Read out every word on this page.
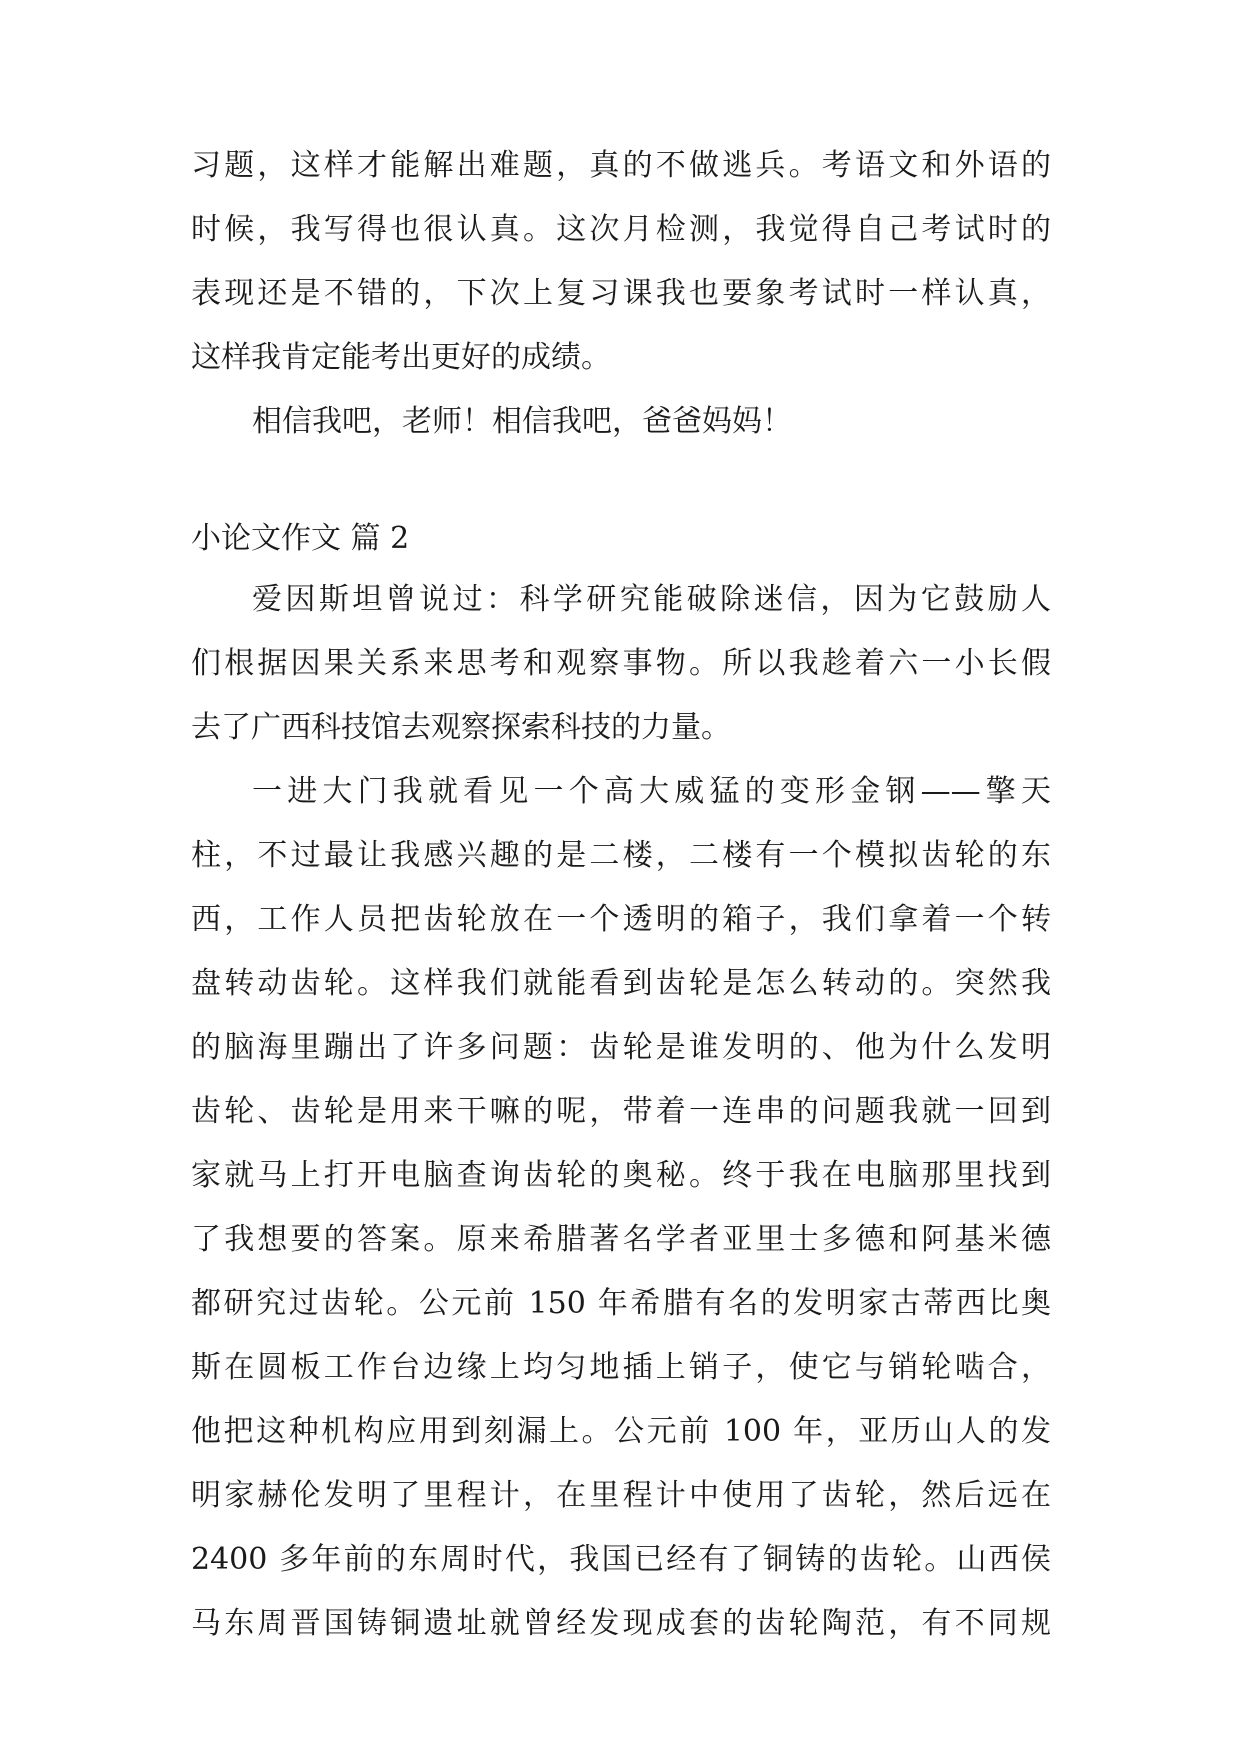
习题，这样才能解出难题，真的不做逃兵。考语文和外语的
时候，我写得也很认真。这次月检测，我觉得自己考试时的
表现还是不错的，下次上复习课我也要象考试时一样认真，
这样我肯定能考出更好的成绩。
相信我吧，老师！相信我吧，爸爸妈妈！
小论文作文 篇 2
爱因斯坦曾说过：科学研究能破除迷信，因为它鼓励人
们根据因果关系来思考和观察事物。所以我趁着六一小长假
去了广西科技馆去观察探索科技的力量。
一进大门我就看见一个高大威猛的变形金钢——擎天
柱，不过最让我感兴趣的是二楼，二楼有一个模拟齿轮的东
西，工作人员把齿轮放在一个透明的箱子，我们拿着一个转
盘转动齿轮。这样我们就能看到齿轮是怎么转动的。突然我
的脑海里蹦出了许多问题：齿轮是谁发明的、他为什么发明
齿轮、齿轮是用来干嘛的呢，带着一连串的问题我就一回到
家就马上打开电脑查询齿轮的奥秘。终于我在电脑那里找到
了我想要的答案。原来希腊著名学者亚里士多德和阿基米德
都研究过齿轮。公元前 150 年希腊有名的发明家古蒂西比奥
斯在圆板工作台边缘上均匀地插上销子，使它与销轮啮合，
他把这种机构应用到刻漏上。公元前 100 年，亚历山人的发
明家赫伦发明了里程计，在里程计中使用了齿轮，然后远在
2400 多年前的东周时代，我国已经有了铜铸的齿轮。山西侯
马东周晋国铸铜遗址就曾经发现成套的齿轮陶范，有不同规
